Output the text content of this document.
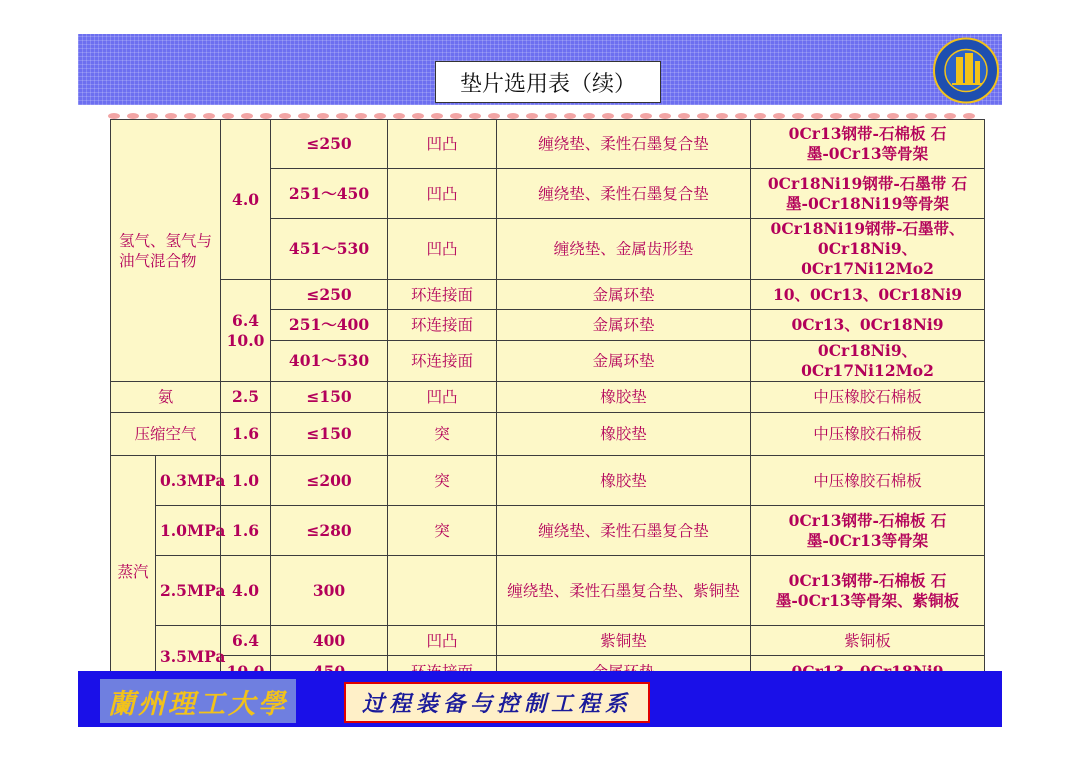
垫片选用表（续）
氢气、氢气与油气混合物		4.0	≤250	凹凸	缠绕垫、柔性石墨复合垫	0Cr13钢带-石棉板 石墨-0Cr13等骨架
			251～450	凹凸	缠绕垫、柔性石墨复合垫	0Cr18Ni19钢带-石墨带 石墨-0Cr18Ni19等骨架
			451～530	凹凸	缠绕垫、金属齿形垫	0Cr18Ni19钢带-石墨带、0Cr18Ni9、0Cr17Ni12Mo2
		6.4 10.0	≤250	环连接面	金属环垫	10、0Cr13、0Cr18Ni9
			251～400	环连接面	金属环垫	0Cr13、0Cr18Ni9
			401～530	环连接面	金属环垫	0Cr18Ni9、0Cr17Ni12Mo2
氨		2.5	≤150	凹凸	橡胶垫	中压橡胶石棉板
压缩空气		1.6	≤150	突	橡胶垫	中压橡胶石棉板
蒸汽	0.3MPa	1.0	≤200	突	橡胶垫	中压橡胶石棉板
	1.0MPa	1.6	≤280	突	缠绕垫、柔性石墨复合垫	0Cr13钢带-石棉板 石墨-0Cr13等骨架
	2.5MPa	4.0	300		缠绕垫、柔性石墨复合垫、紫铜垫	0Cr13钢带-石棉板 石墨-0Cr13等骨架、紫铜板
	3.5MPa	6.4	400	凹凸	紫铜垫	紫铜板

蘭州理工大學	过程装备与控制工程系
